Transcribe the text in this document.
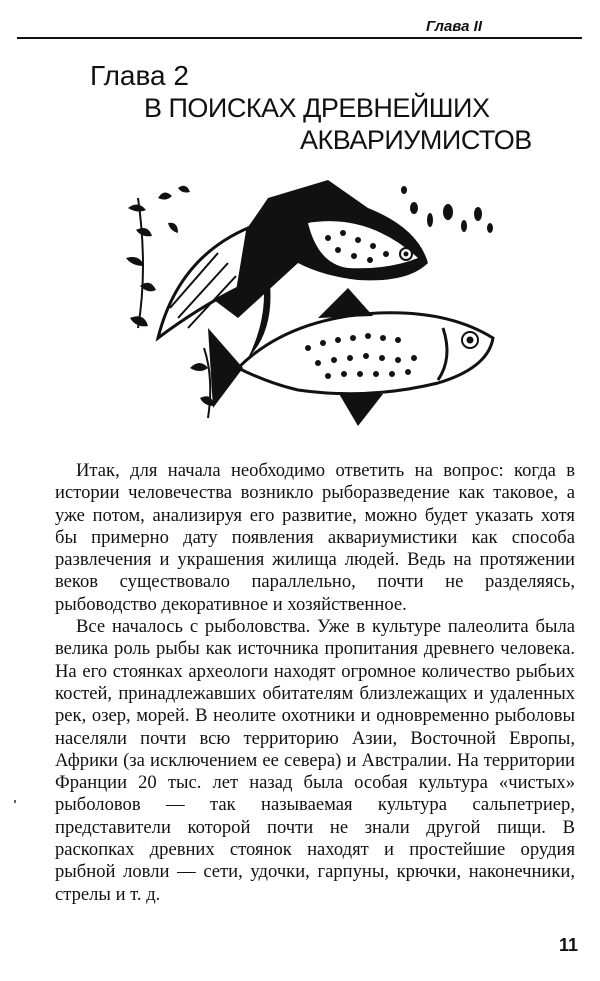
Глава II
Глава 2
В ПОИСКАХ ДРЕВНЕЙШИХ
АКВАРИУМИСТОВ

Итак, для начала необходимо ответить на вопрос: когда в истории человечества возникло рыборазведение как таковое, а уже потом, анализируя его развитие, можно будет указать хотя бы примерно дату появления аквариумистики как способа развлечения и украшения жилища людей. Ведь на протяжении веков существовало параллельно, почти не разделяясь, рыбоводство декоративное и хозяйственное.

Все началось с рыболовства. Уже в культуре палеолита была велика роль рыбы как источника пропитания древнего человека. На его стоянках археологи находят огромное количество рыбьих костей, принадлежавших обитателям близлежащих и удаленных рек, озер, морей. В неолите охотники и одновременно рыболовы населяли почти всю территорию Азии, Восточной Европы, Африки (за исключением ее севера) и Австралии. На территории Франции 20 тыс. лет назад была особая культура «чистых» рыболовов — так называемая культура сальпетриер, представители которой почти не знали другой пищи. В раскопках древних стоянок находят и простейшие орудия рыбной ловли — сети, удочки, гарпуны, крючки, наконечники, стрелы и т. д.

11
